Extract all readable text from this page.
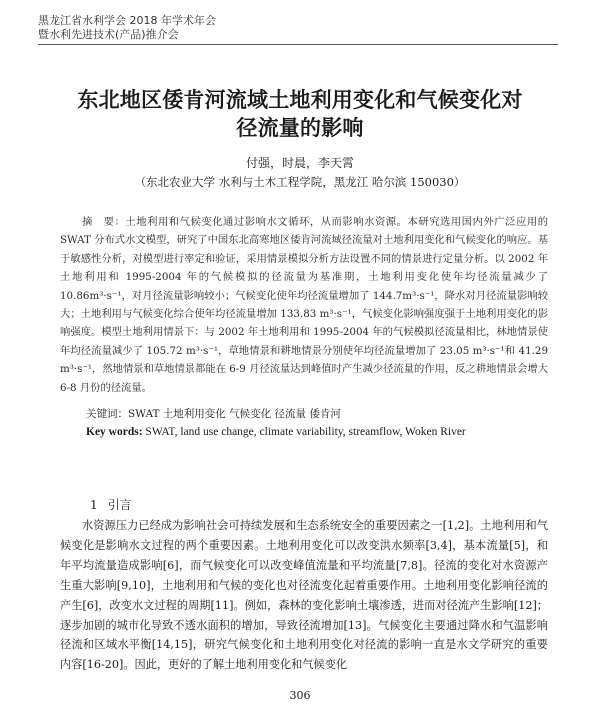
黑龙江省水利学会 2018 年学术年会
暨水利先进技术(产品)推介会
东北地区倭肯河流域土地利用变化和气候变化对
径流量的影响
付强，时晨，李天霄
（东北农业大学 水利与土木工程学院，黑龙江 哈尔滨 150030）
摘　要：土地利用和气候变化通过影响水文循环，从而影响水资源。本研究选用国内外广泛应用的 SWAT 分布式水文模型，研究了中国东北高寒地区倭肯河流域径流量对土地利用变化和气候变化的响应。基于敏感性分析，对模型进行率定和验证，采用情景模拟分析方法设置不同的情景进行定量分析。以 2002 年土地利用和 1995-2004 年的气候模拟的径流量为基准期，土地利用变化使年均径流量减少了 10.86m³·s⁻¹，对月径流量影响较小；气候变化使年均径流量增加了 144.7m³·s⁻¹，降水对月径流量影响较大；土地利用与气候变化综合使年均径流量增加 133.83 m³·s⁻¹，气候变化影响强度强于土地利用变化的影响强度。模型土地利用情景下：与 2002 年土地利用和 1995-2004 年的气候模拟径流量相比，林地情景使年均径流量减少了 105.72 m³·s⁻¹，草地情景和耕地情景分别使年均径流量增加了 23.05 m³·s⁻¹和 41.29 m³·s⁻¹，然地情景和草地情景都能在 6-9 月径流量达到峰值时产生减少径流量的作用，反之耕地情景会增大 6-8 月份的径流量。
关键词：SWAT 土地利用变化 气候变化 径流量 倭肯河
Key words: SWAT, land use change, climate variability, streamflow, Woken River
1 引言
水资源压力已经成为影响社会可持续发展和生态系统安全的重要因素之一[1,2]。土地利用和气候变化是影响水文过程的两个重要因素。土地利用变化可以改变洪水频率[3,4]，基本流量[5]，和年平均流量造成影响[6]，而气候变化可以改变峰值流量和平均流量[7,8]。径流的变化对水资源产生重大影响[9,10]，土地利用和气候的变化也对径流变化起着重要作用。土地利用变化影响径流的产生[6]，改变水文过程的周期[11]。例如，森林的变化影响土壤渗透，进而对径流产生影响[12]；逐步加剧的城市化导致不透水面积的增加，导致径流增加[13]。气候变化主要通过降水和气温影响径流和区域水平衡[14,15]，研究气候变化和土地利用变化对径流的影响一直是水文学研究的重要内容[16-20]。因此，更好的了解土地利用变化和气候变化
306
